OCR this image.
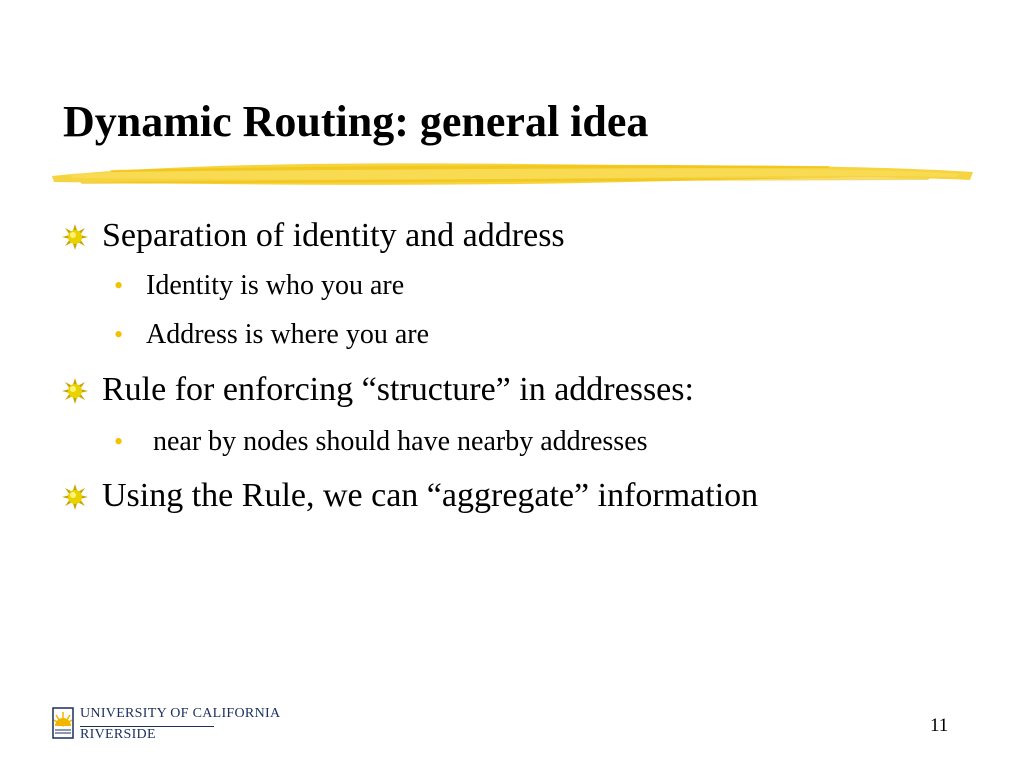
Dynamic Routing: general idea
Separation of identity and address
• Identity is who you are
• Address is where you are
Rule for enforcing “structure” in addresses:
• near by nodes should have nearby addresses
Using the Rule, we can “aggregate” information
UNIVERSITY OF CALIFORNIA
RIVERSIDE	11
